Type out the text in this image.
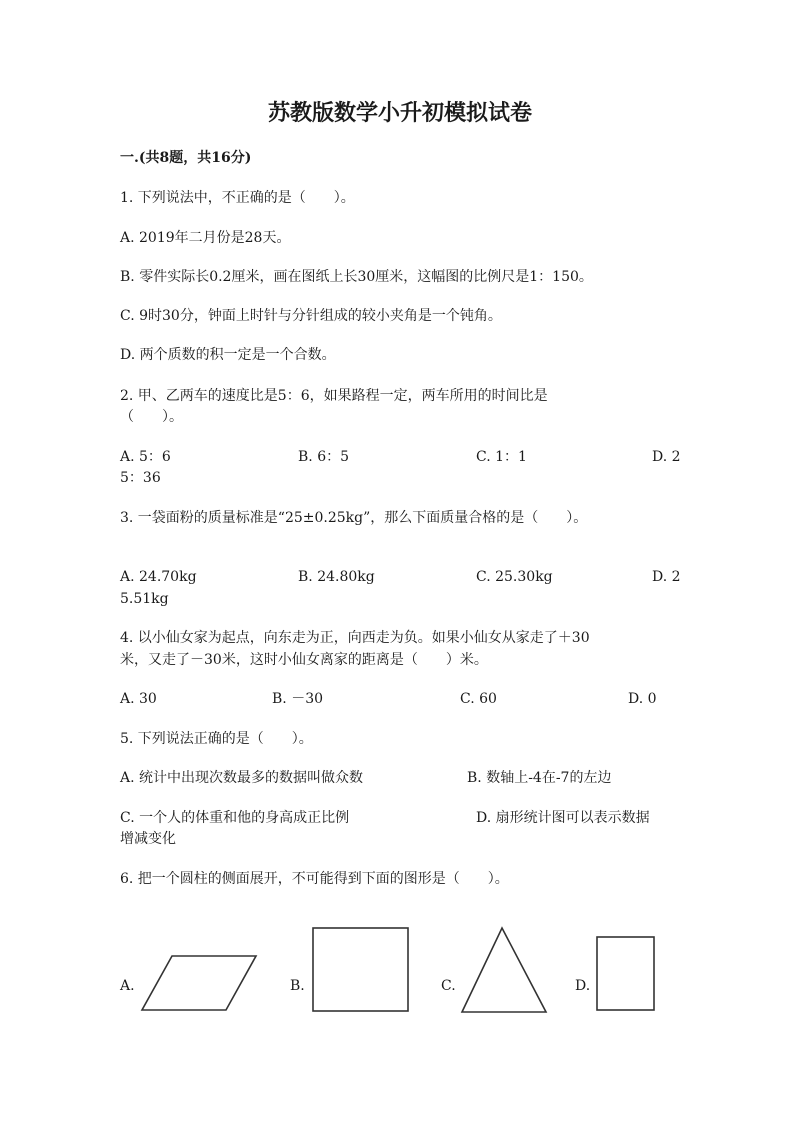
苏教版数学小升初模拟试卷
一.(共8题，共16分)
1. 下列说法中，不正确的是（　　）。
A. 2019年二月份是28天。
B. 零件实际长0.2厘米，画在图纸上长30厘米，这幅图的比例尺是1：150。
C. 9时30分，钟面上时针与分针组成的较小夹角是一个钝角。
D. 两个质数的积一定是一个合数。
2. 甲、乙两车的速度比是5：6，如果路程一定，两车所用的时间比是
（　　）。
A. 5：6	B. 6：5	C. 1：1	D. 2
5：36
3. 一袋面粉的质量标准是“25±0.25kg”，那么下面质量合格的是（　　）。
A. 24.70kg	B. 24.80kg	C. 25.30kg	D. 2
5.51kg
4. 以小仙女家为起点，向东走为正，向西走为负。如果小仙女从家走了＋30
米，又走了－30米，这时小仙女离家的距离是（　　）米。
A. 30	B. －30	C. 60	D. 0
5. 下列说法正确的是（　　）。
A. 统计中出现次数最多的数据叫做众数	B. 数轴上-4在-7的左边
C. 一个人的体重和他的身高成正比例	D. 扇形统计图可以表示数据
增减变化
6. 把一个圆柱的侧面展开，不可能得到下面的图形是（　　）。
A.	B.	C.	D.
